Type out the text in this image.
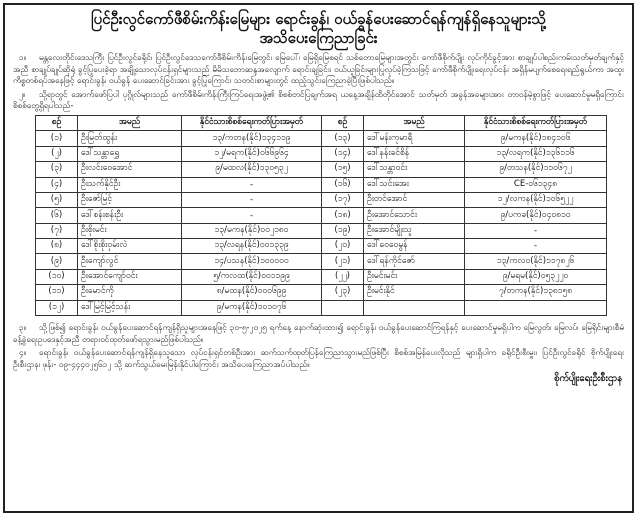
ပြင်ဦးလွင်ကော်ဖီစိမ်းကိန်းမြေများ ရောင်းခွန်၊ ဝယ်ခွန်ပေးဆောင်ရန်ကျန်ရှိနေသူများသို့
အသိပေးကြေညာခြင်း

၁။ မန္တလေးတိုင်းဒေသကြီး ပြင်ဦးလွင်ခရိုင်၊ ပြင်ဦးလွင်ဒေသကော်ဖီစိမ်းကိန်းမြေတွင်၊ မြေပေါ်၊ မြေရှိမြေစရင် သစ်တောမြေများအတွင်း ကော်ဖီစိုက်ပျိုး လုပ်ကိုင်ခွင့်အား စာချုပ်ပါစည်းကမ်းသတ်မှတ်ချက်နှင့်အညီ စာချုပ်ချုပ်ဆိုရုံ ခွင့်ပြုပေးခဲ့ရာ အချို့သောလုပ်ငန်းရှင်များသည် မိမိသဘောဆန္ဒအလျောက် ရောင်းချခြင်း၊ ဝယ်ယူခြင်းများပြုလုပ်ခဲ့ကြသဖြင့် ကော်ဖီစိုက်ပျိုးရေးလုပ်ငန်း အရှိန်မပျက်စေရေးရည်ရွယ်ကာ အထူးကိစ္စတစ်ရပ်အနေဖြင့် ရောင်းခွန်၊ ဝယ်ခွန် ပေးဆောင်ခြင်းအား ခွင့်ပြုကြောင်း သတင်းစာများတွင် ထည့်သွင်းကြေညာခဲ့ပြီးဖြစ်ပါသည်။

၂။ သို့ရာတွင် အောက်ဖော်ပြပါ ပုဂ္ဂိုလ်များသည် ကော်ဖီစိမ်းကိန်းကြီးကြပ်ရေးအဖွဲ့၏ စိစစ်တင်ပြချက်အရ ယနေ့အချိန်ထိတိုင်အောင် သတ်မှတ် အခွန်အခများအား တာဝန်မဲ့စွာဖြင့် ပေးဆောင်မှုမရှိကြောင်း စိစစ်တွေ့ရှိရပါသည်-

စဉ်	အမည်	နိုင်ငံသားစိစစ်ရေးကတ်ပြားအမှတ်	စဉ်	အမည်	နိုင်ငံသားစိစစ်ရေးကတ်ပြားအမှတ်
(၁)	ဦးမြတ်ထွန်း	၁၃/ကတန(နိုင်)၁၃၄၁၁၉	(၁၃)	ဒေါ်မန်းကုမာရီ	၉/မကန(နိုင်)၁၈၄၁၀၆
(၂)	ဒေါ်သန္တာရွှေ	၁၂/မရက(နိုင်)၀၆၆၉၆၄	(၁၄)	ဒေါ်နန်းခင်စိန်	၁၃/လရက(နိုင်)၁၃၆၁၁၆
(၃)	ဦးလင်းဝေအောင်	၉/မထလ(နိုင်)၁၃၀၅၃၂	(၁၅)	ဒေါ်သန္တာဝင်း	၉/တသန(နိုင်)၁၁၀၆၇၂
(၄)	ဦးသက်နိုင်ဦး	-	(၁၆)	ဒေါ်သင်းအေး	CE-၀၆၁၃၄၈
(၅)	ဦးဇော်မြင့်	-	(၁၇)	ဦးတင်အောင်	၁၂/လကန(နိုင်)၁၀၆၅၂၂
(၆)	ဒေါ်စန်းစန်းဦး	-	(၁၈)	ဦးအောင်သောင်း	၉/ပကခ(နိုင်)၀၄၀၈၁၀
(၇)	ဦးစိုးမင်း	၁၃/မကန(နိုင်)၀၀၂၁၈၀	(၁၉)	ဦးအောင်မျိုးသူ	-
(၈)	ဒေါ်စိုးစိုးဝှမ်းလဲ	၁၃/လရန(နိုင်)၀၀၁၃၃၉	(၂၀)	ဒေါ်ဝေဝေမွန်	-
(၉)	ဦးကျော်လွင်	၁၄/ပသန(နိုင်)၁၀၀၀၀၀	(၂၁)	ဒေါ်ရန်ကိုင်ဇော်	၁၃/ကလဝ(နိုင်)၁၁၇၈၂၆
(၁၀)	ဦးအောင်ကျော်ဝင်း	၅/ကလထ(နိုင်)၀၀၁၁၉၉	(၂၂)	ဦးမင်းမင်း	၉/မရမ(နိုင်)၀၅၃၂၂၀
(၁၁)	ဦးမောင်ကို	၈/မထန(နိုင်)၀၀၀၆၉၉	(၂၃)	ဦးမင်းနိုင်	၇/တကန(နိုင်)၁၃၈၁၅၈
(၁၂)	ဒေါ်မြင့်မြင့်သန်း	၉/မကန(နိုင်)၁၀၁၀၇၆			

၃။ သို့ဖြစ်၍ ရောင်းခွန်၊ ဝယ်ခွန်ပေးဆောင်ရန်ကျန်ရှိသူများအနေဖြင့် ၃၀-၅-၂၀၂၅ ရက်နေ့ နောက်ဆုံးထား၍ ရောင်းခွန်၊ ဝယ်ခွန်ပေးဆောင်ကြရန်နှင့် ပေးဆောင်မှုမရှိပါက မြေလွတ်၊ မြေလပ်၊ မြေရိုင်းများစီမံခန့်ခွဲရေးဥပဒေနှင့်အညီ တရားဝင်ထုတ်ဖော်ရသွားမည်ဖြစ်ပါသည်။

၄။ ရောင်းခွန်၊ ဝယ်ခွန်ပေးဆောင်ရန်ကျန်ရှိနေသူသော လုပ်ငန်းရှင်တစ်ဦးအား ဆက်သက်ထုတ်ပြန်ကြေညာသွားမည်ဖြစ်ပြီး စိစစ်အမြန်ပေးလိုသည် များရှိပါက ခရိုင်ဦးစီးမှူး၊ ပြင်ဦးလွင်ခရိုင် စိုက်ပျိုးရေးဦးစီးဌာန၊ ဖုန်း- ၀၉-၄၄၄၀၂၅၆၁၂ သို့ ဆက်သွယ်မေးမြန်းနိုင်ပါကြောင်း အသိပေးကြေညာအပ်ပါသည်။

စိုက်ပျိုးရေးဦးစီးဌာန
